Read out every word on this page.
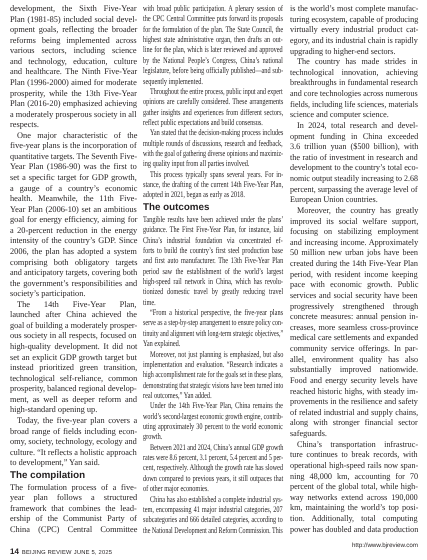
development, the Sixth Five-Year
Plan (1981-85) included social devel-
opment goals, reflecting the broader
reforms being implemented across
various sectors, including science
and technology, education, culture
and healthcare. The Ninth Five-Year
Plan (1996-2000) aimed for moderate
prosperity, while the 13th Five-Year
Plan (2016-20) emphasized achieving
a moderately prosperous society in all
respects.
One major characteristic of the
five-year plans is the incorporation of
quantitative targets. The Seventh Five-
Year Plan (1986-90) was the first to
set a specific target for GDP growth,
a gauge of a country’s economic
health. Meanwhile, the 11th Five-
Year Plan (2006-10) set an ambitious
goal for energy efficiency, aiming for
a 20-percent reduction in the energy
intensity of the country’s GDP. Since
2006, the plan has adopted a system
comprising both obligatory targets
and anticipatory targets, covering both
the government’s responsibilities and
society’s participation.
The 14th Five-Year Plan,
launched after China achieved the
goal of building a moderately prosper-
ous society in all respects, focused on
high-quality development. It did not
set an explicit GDP growth target but
instead prioritized green transition,
technological self-reliance, common
prosperity, balanced regional develop-
ment, as well as deeper reform and
high-standard opening up.
Today, the five-year plan covers a
broad range of fields including econ-
omy, society, technology, ecology and
culture. “It reflects a holistic approach
to development,” Yan said.
The compilation
The formulation process of a five-
year plan follows a structured
framework that combines the lead-
ership of the Communist Party of
China (CPC) Central Committee
with broad public participation. A plenary session of
the CPC Central Committee puts forward its proposals
for the formulation of the plan. The State Council, the
highest state administrative organ, then drafts an out-
line for the plan, which is later reviewed and approved
by the National People’s Congress, China’s national
legislature, before being officially published—and sub-
sequently implemented.
Throughout the entire process, public input and expert
opinions are carefully considered. These arrangements
gather insights and experiences from different sectors,
reflect public expectations and build consensus.
Yan stated that the decision-making process includes
multiple rounds of discussions, research and feedback,
with the goal of gathering diverse opinions and maximiz-
ing quality input from all parties involved.
This process typically spans several years. For in-
stance, the drafting of the current 14th Five-Year Plan,
adopted in 2021, began as early as 2018.
The outcomes
Tangible results have been achieved under the plans’
guidance. The First Five-Year Plan, for instance, laid
China’s industrial foundation via concentrated ef-
forts to build the country’s first steel production base
and first auto manufacturer. The 13th Five-Year Plan
period saw the establishment of the world’s largest
high-speed rail network in China, which has revolu-
tionized domestic travel by greatly reducing travel
time.
“From a historical perspective, the five-year plans
serve as a step-by-step arrangement to ensure policy con-
tinuity and alignment with long-term strategic objectives,”
Yan explained.
Moreover, not just planning is emphasized, but also
implementation and evaluation. “Research indicates a
high accomplishment rate for the goals set in these plans,
demonstrating that strategic visions have been turned into
real outcomes,” Yan added.
Under the 14th Five-Year Plan, China remains the
world’s second-largest economic growth engine, contrib-
uting approximately 30 percent to the world economic
growth.
Between 2021 and 2024, China’s annual GDP growth
rates were 8.6 percent, 3.1 percent, 5.4 percent and 5 per-
cent, respectively. Although the growth rate has slowed
down compared to previous years, it still outpaces that
of other major economies.
China has also established a complete industrial sys-
tem, encompassing 41 major industrial categories, 207
subcategories and 666 detailed categories, according to
the National Development and Reform Commission. This
is the world’s most complete manufac-
turing ecosystem, capable of producing
virtually every industrial product cat-
egory, and its industrial chain is rapidly
upgrading to higher-end sectors.
The country has made strides in
technological innovation, achieving
breakthroughs in fundamental research
and core technologies across numerous
fields, including life sciences, materials
science and computer science.
In 2024, total research and devel-
opment funding in China exceeded
3.6 trillion yuan ($500 billion), with
the ratio of investment in research and
development to the country’s total eco-
nomic output steadily increasing to 2.68
percent, surpassing the average level of
European Union countries.
Moreover, the country has greatly
improved its social welfare support,
focusing on stabilizing employment
and increasing income. Approximately
50 million new urban jobs have been
created during the 14th Five-Year Plan
period, with resident income keeping
pace with economic growth. Public
services and social security have been
progressively strengthened through
concrete measures: annual pension in-
creases, more seamless cross-province
medical care settlements and expanded
community service offerings. In par-
allel, environment quality has also
substantially improved nationwide.
Food and energy security levels have
reached historic highs, with steady im-
provements in the resilience and safety
of related industrial and supply chains,
along with stronger financial sector
safeguards.
China’s transportation infrastruc-
ture continues to break records, with
operational high-speed rails now span-
ning 48,000 km, accounting for 70
percent of the global total, while high-
way networks extend across 190,000
km, maintaining the world’s top posi-
tion. Additionally, total computing
power has doubled and data production
14 BEIJING REVIEW JUNE 5, 2025
http://www.bjreview.com
